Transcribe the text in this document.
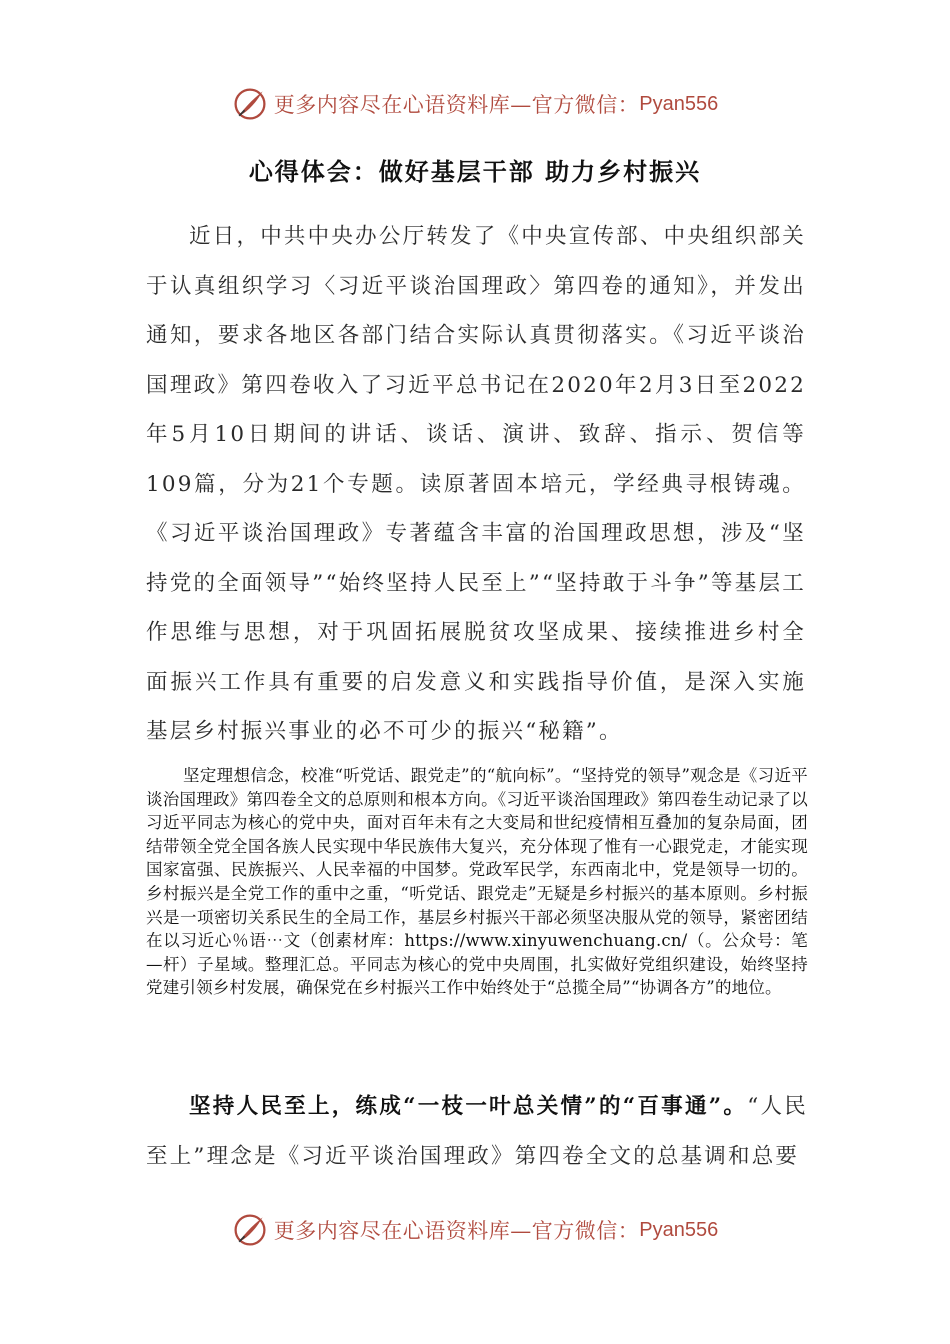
更多内容尽在心语资料库—官方微信： Pyan556
心得体会：做好基层干部 助力乡村振兴

近日，中共中央办公厅转发了《中央宣传部、中央组织部关于认真组织学习〈习近平谈治国理政〉第四卷的通知》，并发出通知，要求各地区各部门结合实际认真贯彻落实。《习近平谈治国理政》第四卷收入了习近平总书记在2020年2月3日至2022年5月10日期间的讲话、谈话、演讲、致辞、指示、贺信等109篇，分为21个专题。读原著固本培元，学经典寻根铸魂。《习近平谈治国理政》专著蕴含丰富的治国理政思想，涉及“坚持党的全面领导”“始终坚持人民至上”“坚持敢于斗争”等基层工作思维与思想，对于巩固拓展脱贫攻坚成果、接续推进乡村全面振兴工作具有重要的启发意义和实践指导价值，是深入实施基层乡村振兴事业的必不可少的振兴“秘籍”。

坚定理想信念，校准“听党话、跟党走”的“航向标”。“坚持党的领导”观念是《习近平谈治国理政》第四卷全文的总原则和根本方向。《习近平谈治国理政》第四卷生动记录了以习近平同志为核心的党中央，面对百年未有之大变局和世纪疫情相互叠加的复杂局面，团结带领全党全国各族人民实现中华民族伟大复兴，充分体现了惟有一心跟党走，才能实现国家富强、民族振兴、人民幸福的中国梦。党政军民学，东西南北中，党是领导一切的。乡村振兴是全党工作的重中之重，“听党话、跟党走”无疑是乡村振兴的基本原则。乡村振兴是一项密切关系民生的全局工作，基层乡村振兴干部必须坚决服从党的领导，紧密团结在以习近心％语⋯文（创素材库：https://www.xinyuwenchuang.cn/（。公众号：笔—杆）子星域。整理汇总。平同志为核心的党中央周围，扎实做好党组织建设，始终坚持党建引领乡村发展，确保党在乡村振兴工作中始终处于“总揽全局”“协调各方”的地位。

坚持人民至上，练成“一枝一叶总关情”的“百事通”。“人民至上”理念是《习近平谈治国理政》第四卷全文的总基调和总要

更多内容尽在心语资料库—官方微信： Pyan556
